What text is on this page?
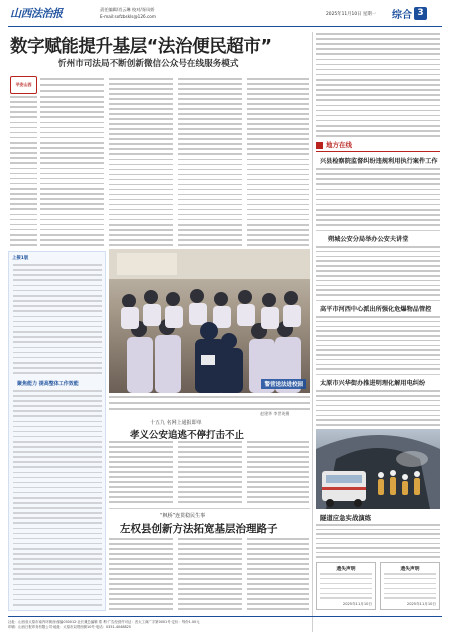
山西法治报	责任编辑/肖云琳 校对/胥凤娇
E-mail:sxfzbskls@126.com	2025年11月10日 星期一 综合 3
数字赋能提升基层“法治便民超市”
忻州市司法局不断创新微信公众号在线服务模式
平安山西
上接1版
聚焦能力 提高整体工作效能	警营送法进校园
赵建华 李世英摄
十五九 名网上通报即单
孝义公安追逃不停打击不止
“枫桥”连贯稳民生事
左权县创新方法拓宽基层治理路子
地方在线
兴县检察院监督纠纷违规利用执行案件工作
朔城公安分局举办公安夫讲堂
高平市河西中心派出所强化危爆物品管控
太原市兴华街办推进明理化解用电纠纷
隧道应急实战演练
遗失声明
2025年11月10日
遗失声明
2025年11月10日
社址：山西省太原市南内环街西·邮编030012·社长兼总编辑 郑 利·广告经营许可证：晋太工商广字第0001号·定价：每份1.00元
印刷：山西日报印务有限公司·地址：太原市双塔西街10号·电话：0351-4048825
